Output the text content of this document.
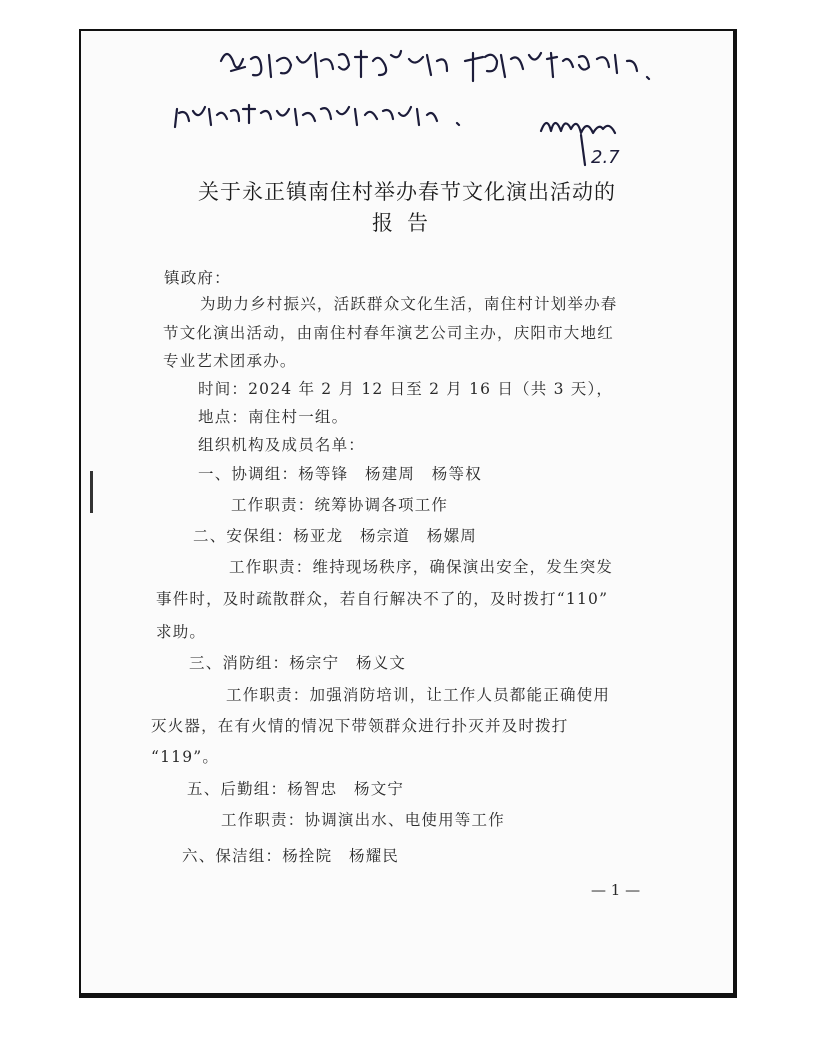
2.7
关于永正镇南住村举办春节文化演出活动的
报告

镇政府：

为助力乡村振兴，活跃群众文化生活，南住村计划举办春

节文化演出活动，由南住村春年演艺公司主办，庆阳市大地红

专业艺术团承办。

时间：2024 年 2 月 12 日至 2 月 16 日（共 3 天），

地点：南住村一组。

组织机构及成员名单：

一、协调组：杨等锋　杨建周　杨等权

工作职责：统筹协调各项工作

二、安保组：杨亚龙　杨宗道　杨嫘周

工作职责：维持现场秩序，确保演出安全，发生突发

事件时，及时疏散群众，若自行解决不了的，及时拨打“110”

求助。

三、消防组：杨宗宁　杨义文

工作职责：加强消防培训，让工作人员都能正确使用

灭火器，在有火情的情况下带领群众进行扑灭并及时拨打

“119”。

五、后勤组：杨智忠　杨文宁

工作职责：协调演出水、电使用等工作

六、保洁组：杨拴院　杨耀民

— 1 —
